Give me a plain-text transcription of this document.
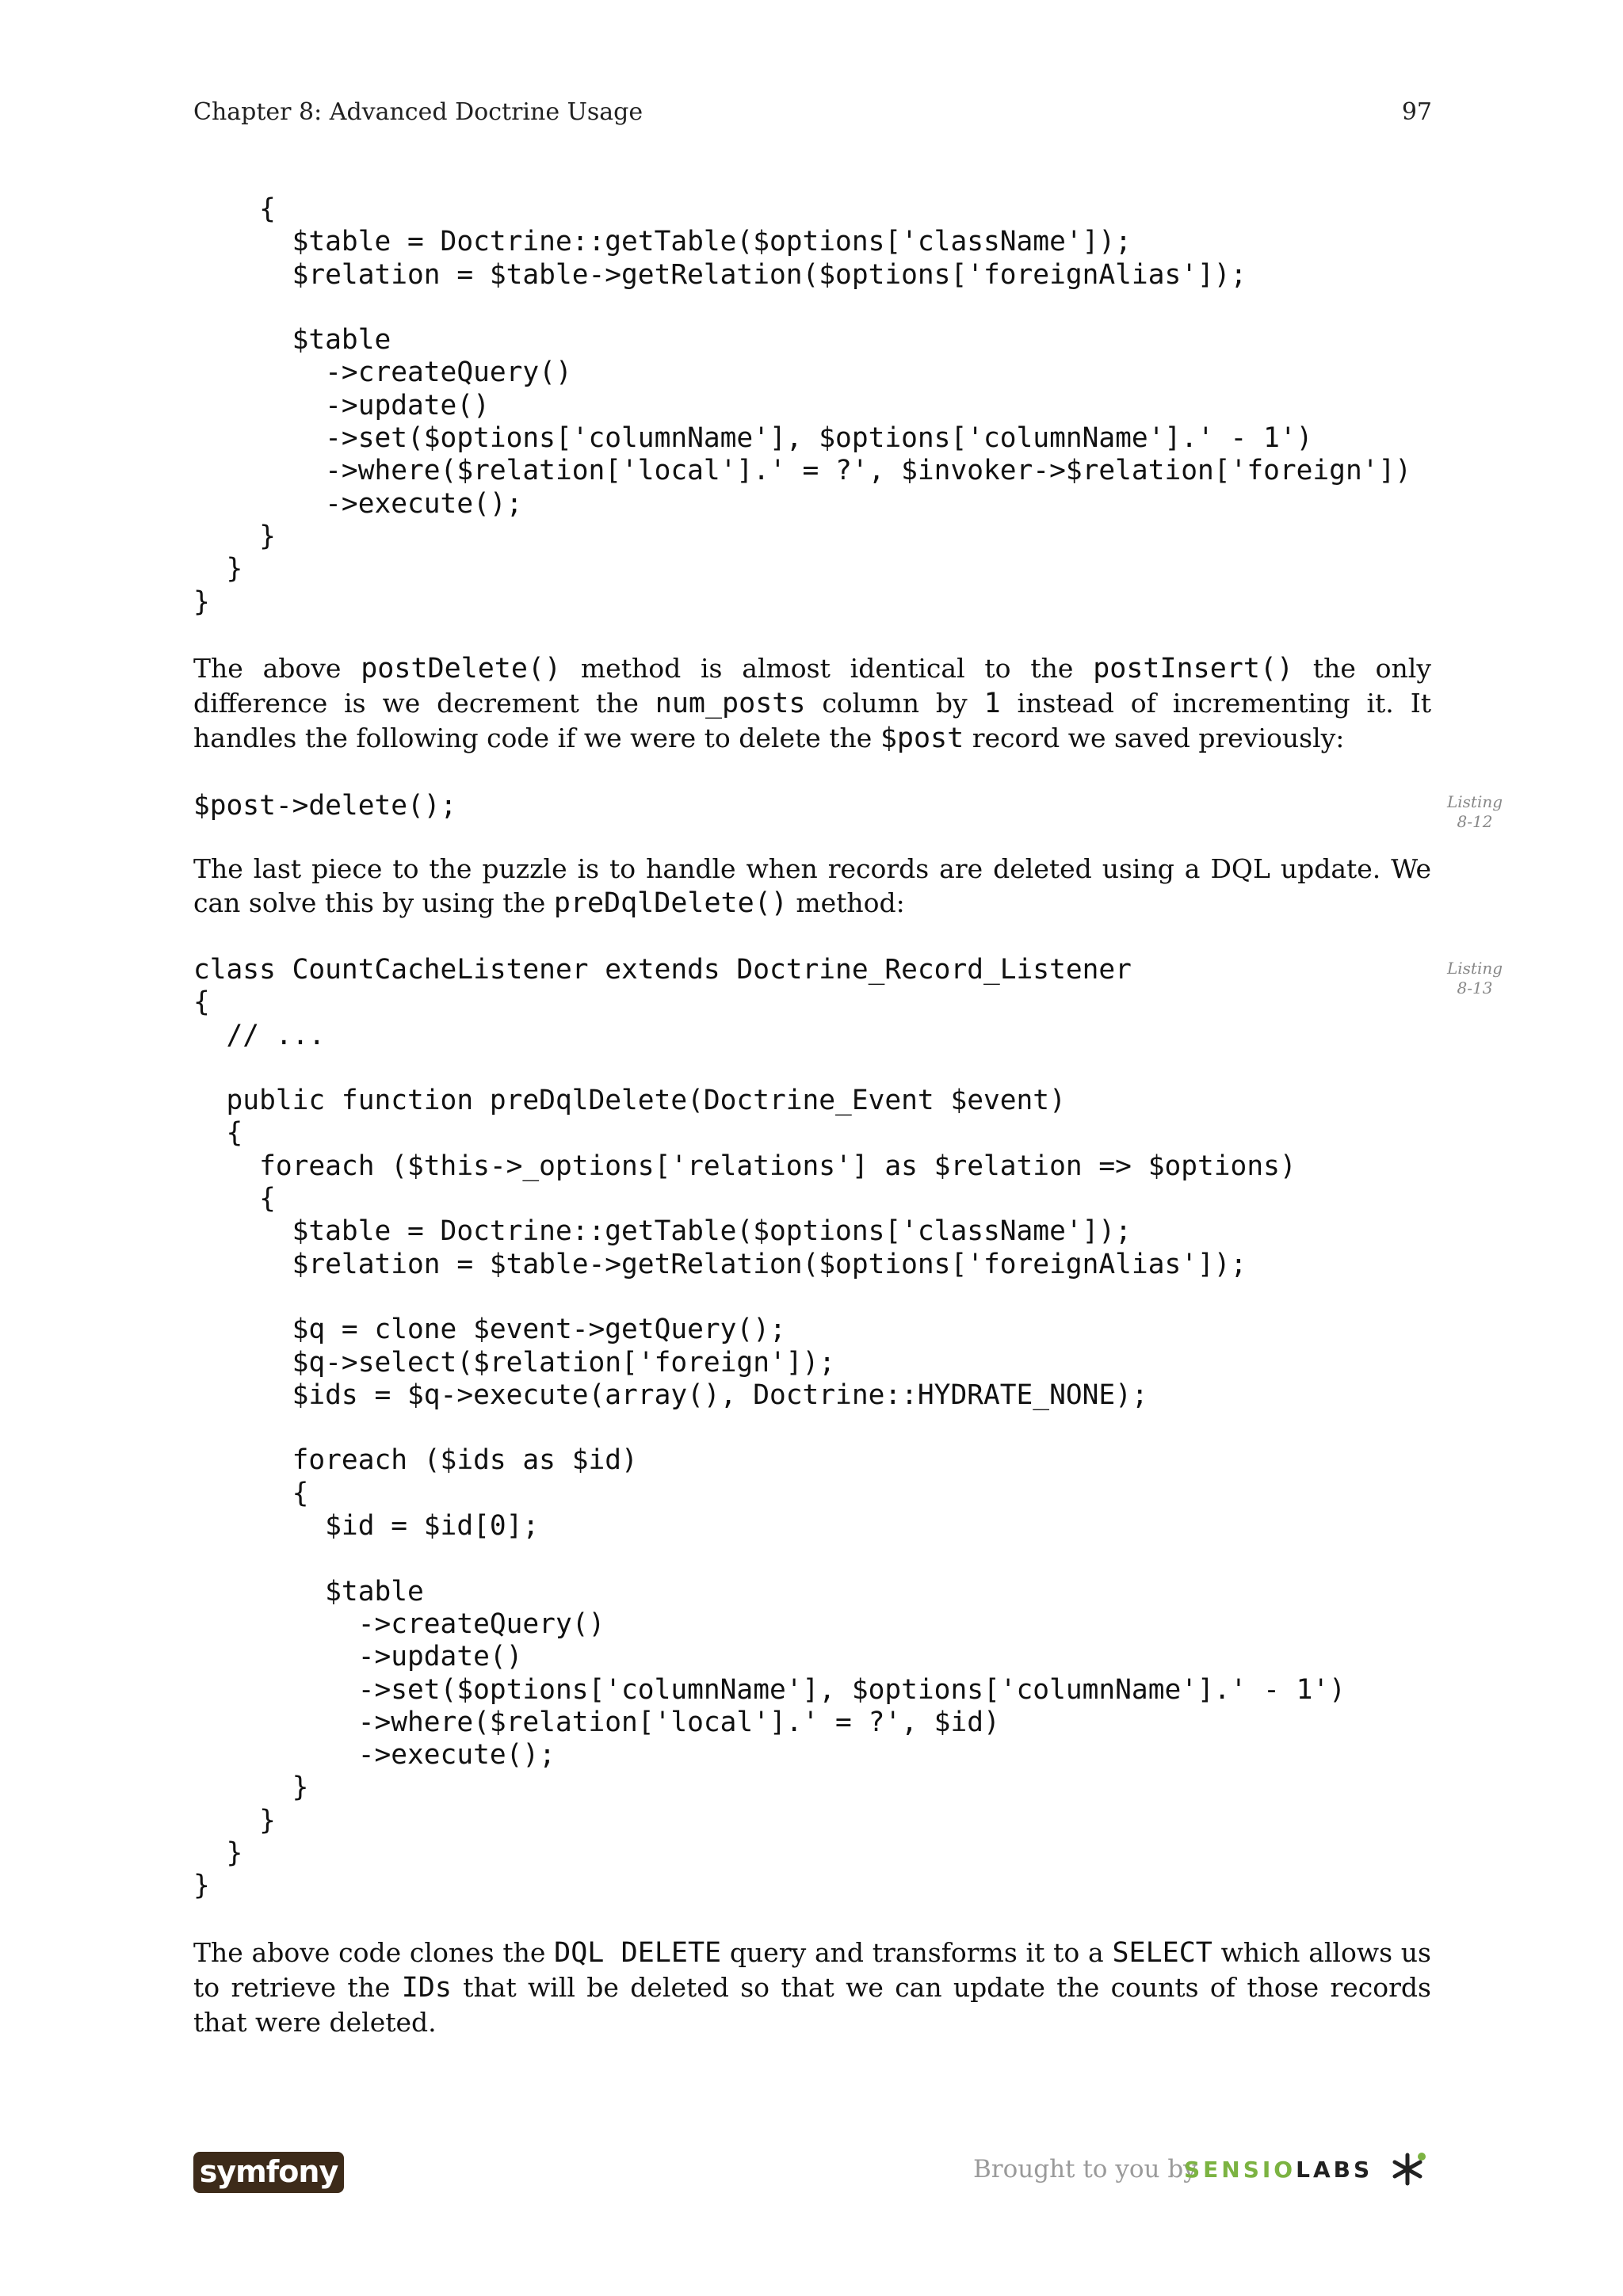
Chapter 8: Advanced Doctrine Usage	97
{
$table = Doctrine::getTable($options['className']);
$relation = $table->getRelation($options['foreignAlias']);

$table
->createQuery()
->update()
->set($options['columnName'], $options['columnName'].' - 1')
->where($relation['local'].' = ?', $invoker->$relation['foreign'])
->execute();
}
}
}

The above postDelete() method is almost identical to the postInsert() the only difference is we decrement the num_posts column by 1 instead of incrementing it. It handles the following code if we were to delete the $post record we saved previously:

$post->delete();	Listing
8-12

The last piece to the puzzle is to handle when records are deleted using a DQL update. We can solve this by using the preDqlDelete() method:

class CountCacheListener extends Doctrine_Record_Listener
{
// ...

public function preDqlDelete(Doctrine_Event $event)
{
foreach ($this->_options['relations'] as $relation => $options)
{
$table = Doctrine::getTable($options['className']);
$relation = $table->getRelation($options['foreignAlias']);

$q = clone $event->getQuery();
$q->select($relation['foreign']);
$ids = $q->execute(array(), Doctrine::HYDRATE_NONE);

foreach ($ids as $id)
{
$id = $id[0];

$table
->createQuery()
->update()
->set($options['columnName'], $options['columnName'].' - 1')
->where($relation['local'].' = ?', $id)
->execute();
}
}
}
}
Listing
8-13

The above code clones the DQL DELETE query and transforms it to a SELECT which allows us to retrieve the IDs that will be deleted so that we can update the counts of those records that were deleted.

symfony	Brought to you by
SENSIOLABS
